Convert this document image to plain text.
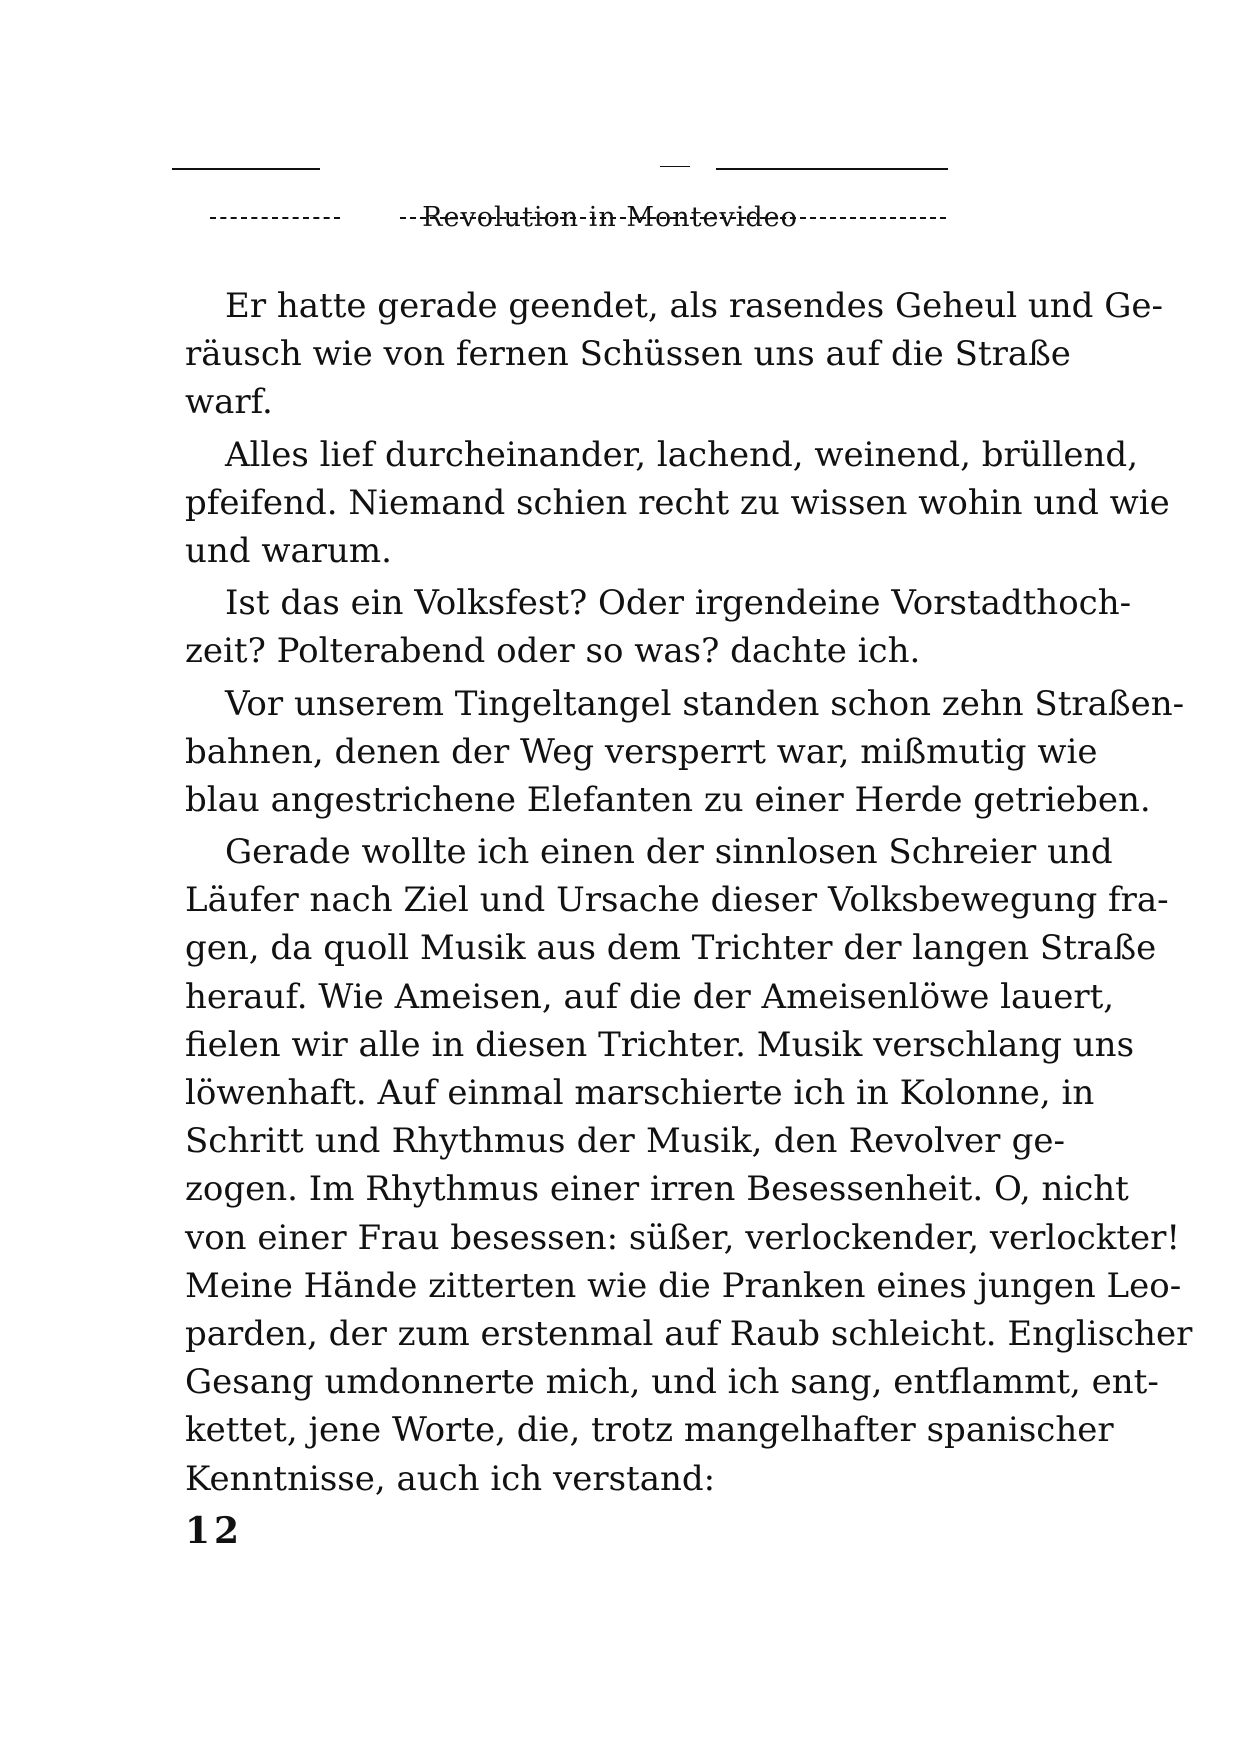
Revolution in Montevideo
Er hatte gerade geendet, als rasendes Geheul und Ge-
räusch wie von fernen Schüssen uns auf die Straße
warf.
Alles lief durcheinander, lachend, weinend, brüllend,
pfeifend. Niemand schien recht zu wissen wohin und wie
und warum.
Ist das ein Volksfest? Oder irgendeine Vorstadthoch-
zeit? Polterabend oder so was? dachte ich.
Vor unserem Tingeltangel standen schon zehn Straßen-
bahnen, denen der Weg versperrt war, mißmutig wie
blau angestrichene Elefanten zu einer Herde getrieben.
Gerade wollte ich einen der sinnlosen Schreier und
Läufer nach Ziel und Ursache dieser Volksbewegung fra-
gen, da quoll Musik aus dem Trichter der langen Straße
herauf. Wie Ameisen, auf die der Ameisenlöwe lauert,
fielen wir alle in diesen Trichter. Musik verschlang uns
löwenhaft. Auf einmal marschierte ich in Kolonne, in
Schritt und Rhythmus der Musik, den Revolver ge-
zogen. Im Rhythmus einer irren Besessenheit. O, nicht
von einer Frau besessen: süßer, verlockender, verlockter!
Meine Hände zitterten wie die Pranken eines jungen Leo-
parden, der zum erstenmal auf Raub schleicht. Englischer
Gesang umdonnerte mich, und ich sang, entflammt, ent-
kettet, jene Worte, die, trotz mangelhafter spanischer
Kenntnisse, auch ich verstand:
12
